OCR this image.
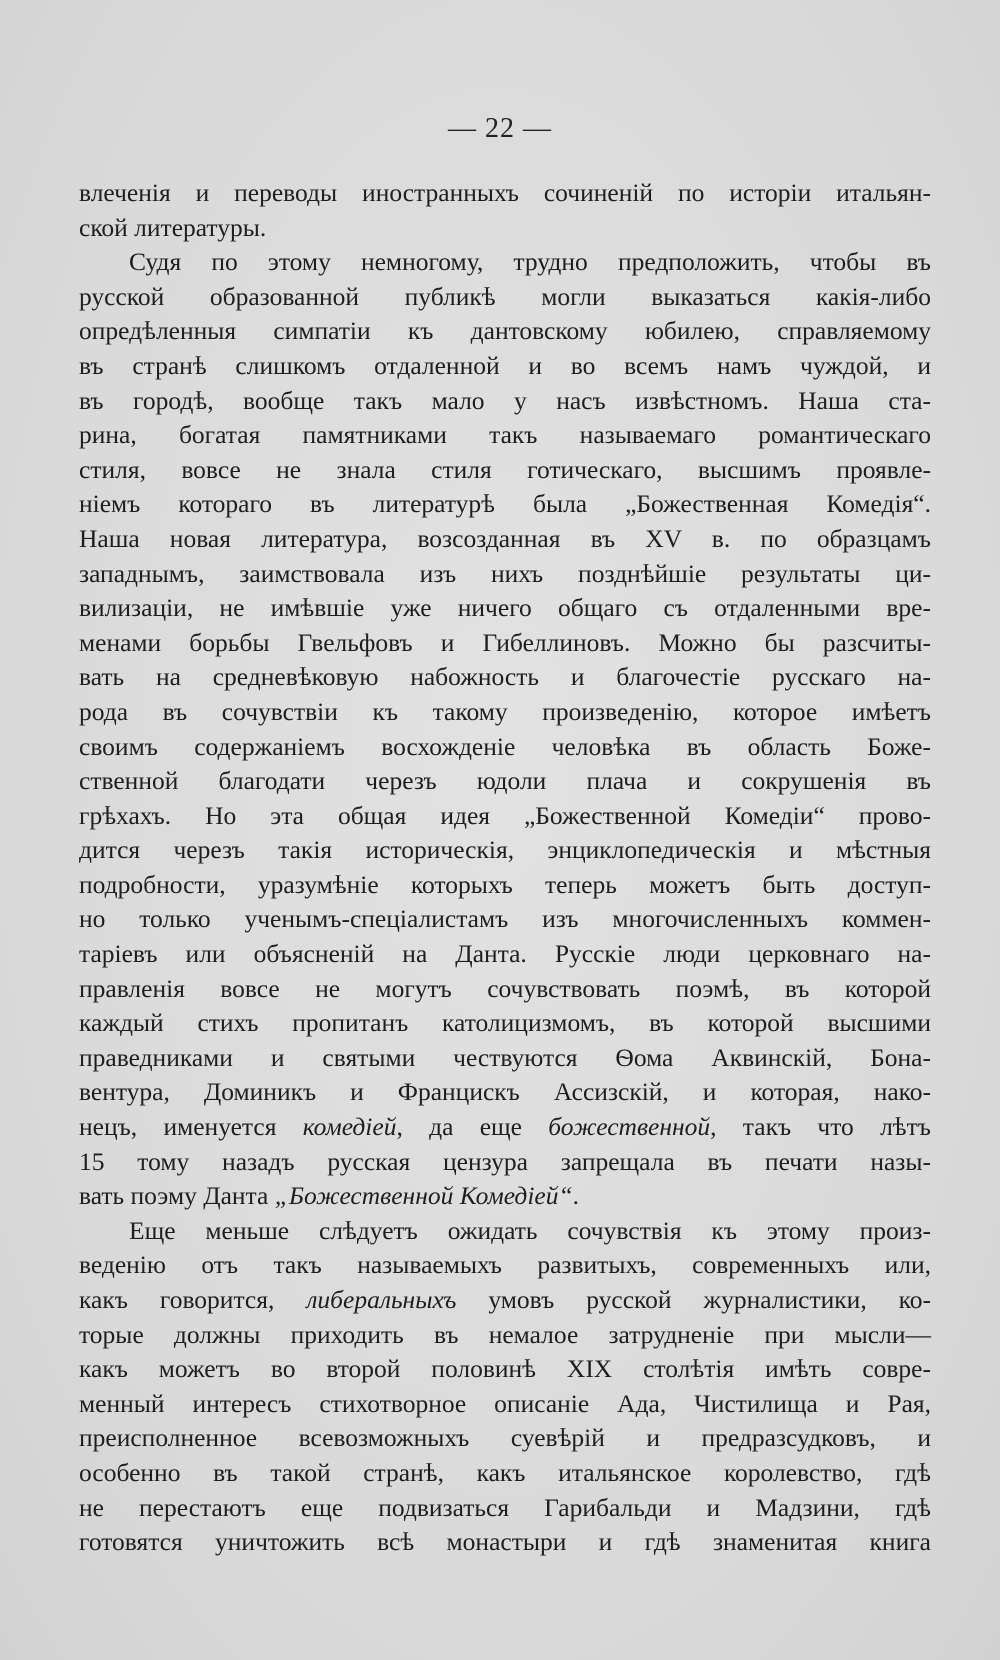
— 22 —
влеченія и переводы иностранныхъ сочиненій по исторіи итальян-
ской литературы.
Судя по этому немногому, трудно предположить, чтобы въ
русской образованной публикѣ могли выказаться какія-либо
опредѣленныя симпатіи къ дантовскому юбилею, справляемому
въ странѣ слишкомъ отдаленной и во всемъ намъ чуждой, и
въ городѣ, вообще такъ мало у насъ извѣстномъ. Наша ста-
рина, богатая памятниками такъ называемаго романтическаго
стиля, вовсе не знала стиля готическаго, высшимъ проявле-
ніемъ котораго въ литературѣ была „Божественная Комедія“.
Наша новая литература, возсозданная въ XV в. по образцамъ
западнымъ, заимствовала изъ нихъ позднѣйшіе результаты ци-
вилизаціи, не имѣвшіе уже ничего общаго съ отдаленными вре-
менами борьбы Гвельфовъ и Гибеллиновъ. Можно бы разсчиты-
вать на средневѣковую набожность и благочестіе русскаго на-
рода въ сочувствіи къ такому произведенію, которое имѣетъ
своимъ содержаніемъ восхожденіе человѣка въ область Боже-
ственной благодати черезъ юдоли плача и сокрушенія въ
грѣхахъ. Но эта общая идея „Божественной Комедіи“ прово-
дится черезъ такія историческія, энциклопедическія и мѣстныя
подробности, уразумѣніе которыхъ теперь можетъ быть доступ-
но только ученымъ-спеціалистамъ изъ многочисленныхъ коммен-
таріевъ или объясненій на Данта. Русскіе люди церковнаго на-
правленія вовсе не могутъ сочувствовать поэмѣ, въ которой
каждый стихъ пропитанъ католицизмомъ, въ которой высшими
праведниками и святыми чествуются Ѳома Аквинскій, Бона-
вентура, Доминикъ и Францискъ Ассизскій, и которая, нако-
нецъ, именуется комедіей, да еще божественной, такъ что лѣтъ
15 тому назадъ русская цензура запрещала въ печати назы-
вать поэму Данта „Божественной Комедіей“.
Еще меньше слѣдуетъ ожидать сочувствія къ этому произ-
веденію отъ такъ называемыхъ развитыхъ, современныхъ или,
какъ говорится, либеральныхъ умовъ русской журналистики, ко-
торые должны приходить въ немалое затрудненіе при мысли—
какъ можетъ во второй половинѣ XIX столѣтія имѣть совре-
менный интересъ стихотворное описаніе Ада, Чистилища и Рая,
преисполненное всевозможныхъ суевѣрій и предразсудковъ, и
особенно въ такой странѣ, какъ итальянское королевство, гдѣ
не перестаютъ еще подвизаться Гарибальди и Мадзини, гдѣ
готовятся уничтожить всѣ монастыри и гдѣ знаменитая книга
